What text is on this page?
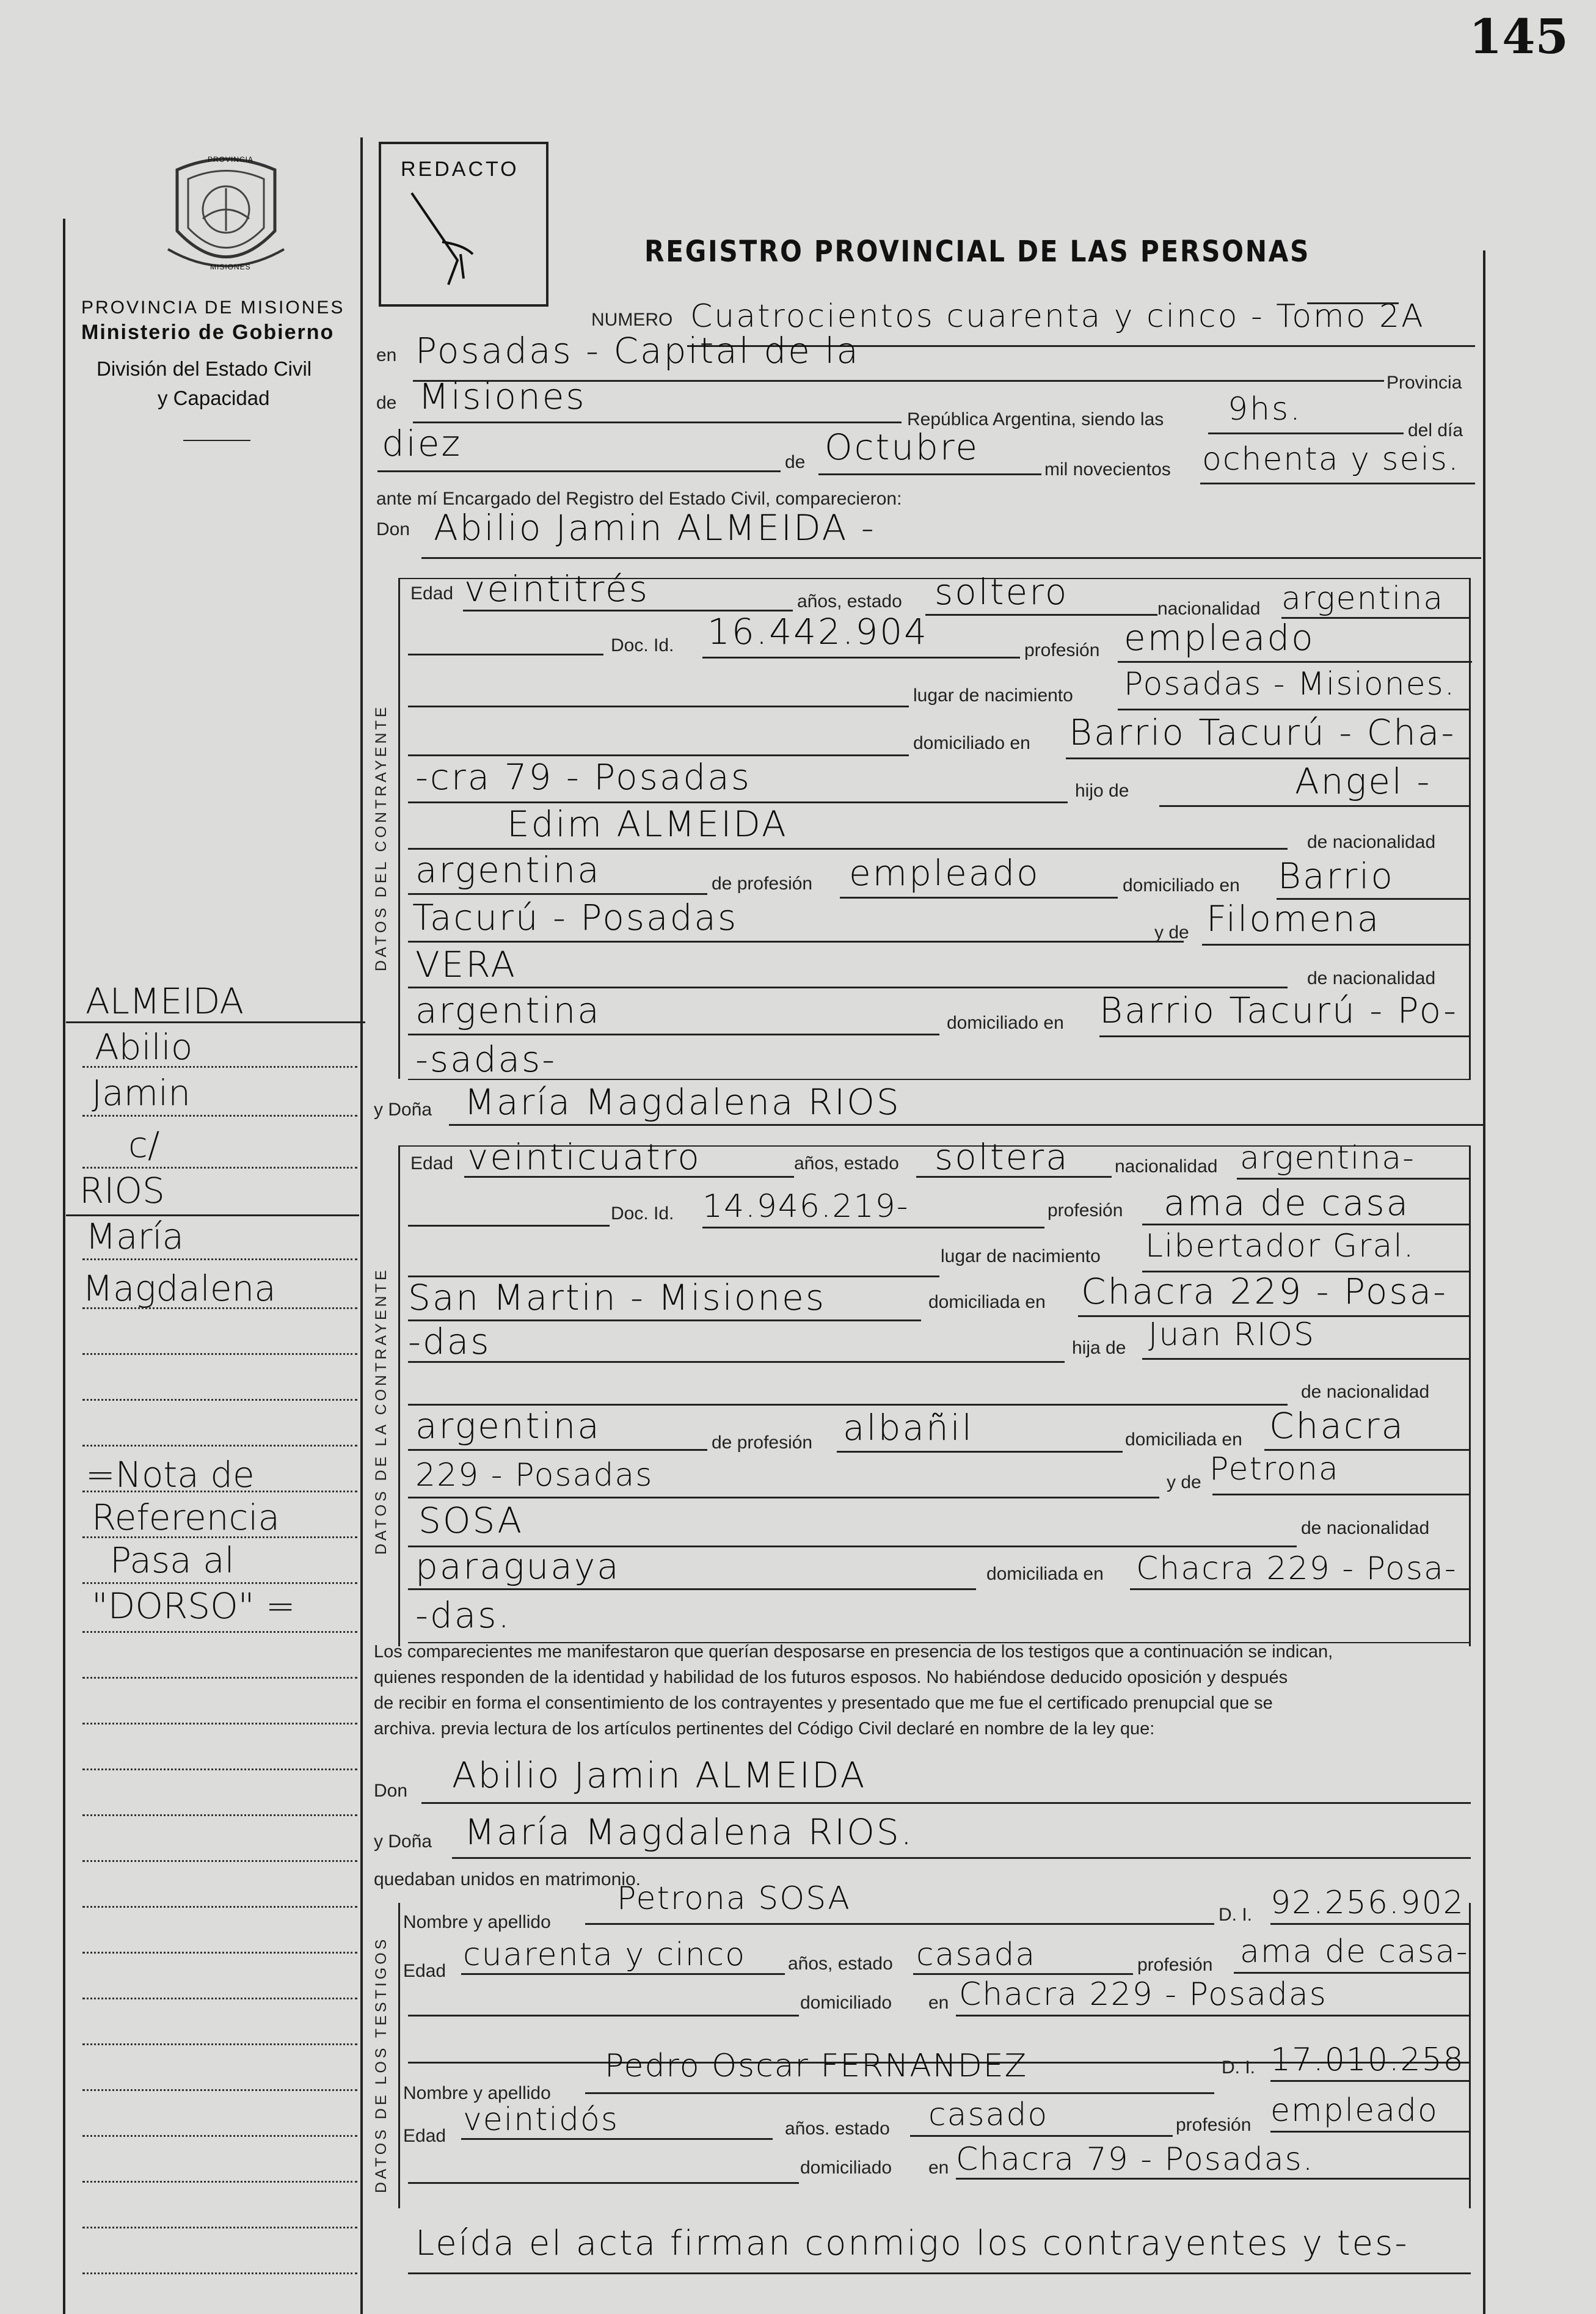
145
PROVINCIA
MISIONES
PROVINCIA DE MISIONES
Ministerio de Gobierno
División del Estado Civil
y Capacidad
REDACTO
REGISTRO PROVINCIAL DE LAS PERSONAS
DATOS DEL CONTRAYENTE
DATOS DE LA CONTRAYENTE
DATOS DE LOS TESTIGOS
NUMERO Cuatrocientos cuarenta y cinco - Tomo 2A
en Posadas - Capital de la
Provincia
de Misiones
República Argentina, siendo las 9hs.
del día
diez	de Octubre
mil novecientos ochenta y seis.
ante mí Encargado del Registro del Estado Civil, comparecieron:
Don Abilio Jamin ALMEIDA -
Edad veintitrés	años, estado soltero	nacionalidad argentina
Doc. Id. 16.442.904	profesión empleado
lugar de nacimiento Posadas - Misiones.
domiciliado en Barrio Tacurú - Cha-
-cra 79 - Posadas	hijo de	Angel -
Edim ALMEIDA	de nacionalidad
argentina	de profesión empleado	domiciliado en Barrio
Tacurú - Posadas	y de Filomena
VERA	de nacionalidad
argentina	domiciliado en Barrio Tacurú - Po-
-sadas-
y Doña María Magdalena RIOS
Edad veinticuatro	años, estado soltera nacionalidad argentina-
Doc. Id. 14.946.219-	profesión ama de casa
lugar de nacimiento Libertador Gral.
San Martin - Misiones	domiciliada en Chacra 229 - Posa-
-das	hija de Juan RIOS
de nacionalidad
argentina	de profesión albañil	domiciliada en Chacra
229 - Posadas	y de Petrona
SOSA	de nacionalidad
paraguaya	domiciliada en Chacra 229 - Posa-
-das.
Los comparecientes me manifestaron que querían desposarse en presencia de los testigos que a continuación se indican,
quienes responden de la identidad y habilidad de los futuros esposos. No habiéndose deducido oposición y después
de recibir en forma el consentimiento de los contrayentes y presentado que me fue el certificado prenupcial que se
archiva. previa lectura de los artículos pertinentes del Código Civil declaré en nombre de la ley que:
Don Abilio Jamin ALMEIDA
y Doña María Magdalena RIOS.
quedaban unidos en matrimonio.
Nombre y apellido
Petrona SOSA	D. I. 92.256.902
Edad cuarenta y cinco años, estado casada	profesión ama de casa-
domiciliado en Chacra 229 - Posadas
Nombre y apellido
Pedro Oscar FERNANDEZ	D. I. 17.010.258
Edad veintidós	años. estado casado	profesión empleado
domiciliado en Chacra 79 - Posadas.
Leída el acta firman conmigo los contrayentes y tes-
ALMEIDA
Abilio
Jamin
c/
RIOS
María
Magdalena
=Nota de
Referencia
Pasa al
"DORSO" =
